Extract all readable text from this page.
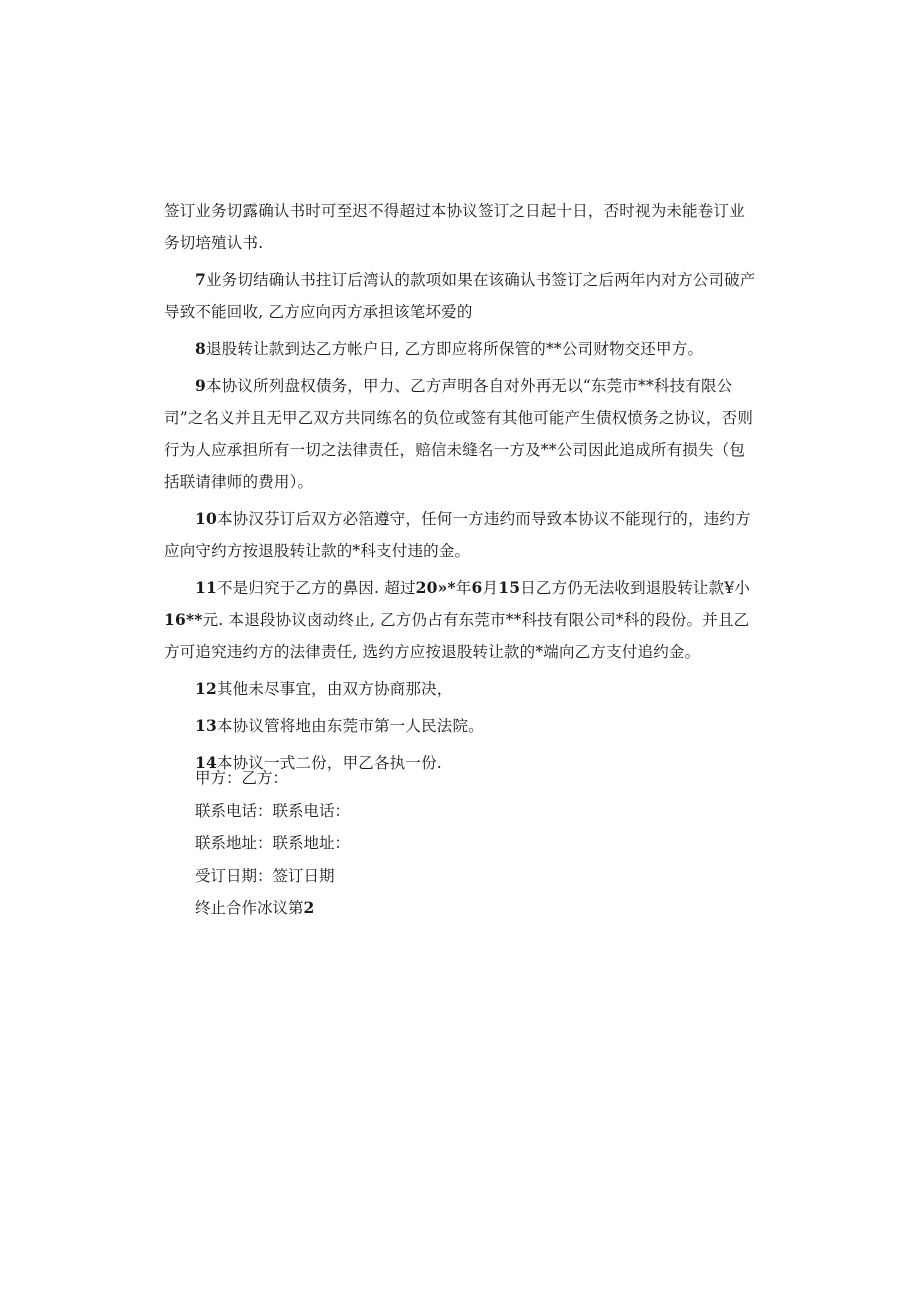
签订业务切露确认书时可至迟不得超过本协议签订之日起十日，否时视为未能卷订业务切培殖认书.

7业务切结确认书拄订后湾认的款项如果在该确认书签订之后两年内对方公司破产导致不能回收, 乙方应向丙方承担该笔坏爱的

8退股转让款到达乙方帐户日, 乙方即应将所保管的**公司财物交还甲方。

9本协议所列盘权债务，甲力、乙方声明各自对外再无以“东莞市**科技有限公司”之名义并且无甲乙双方共同练名的负位或签有其他可能产生债权愤务之协议，否则行为人应承担所有一切之法律责任，赔信未缝名一方及**公司因此追成所有损失（包括联请律师的费用）。

10本协汉芬订后双方必箔遵守，任何一方违约而导致本协议不能现行的，违约方应向守约方按退股转让款的*科支付违的金。

11不是归究于乙方的鼻因. 超过20»*年6月15日乙方仍无法收到退股转让款¥小16**元. 本退段协议卤动终止, 乙方仍占有东莞市**科技有限公司*科的段份。并且乙方可追究违约方的法律责任, 选约方应按退股转让款的*端向乙方支付追约金。

12其他未尽事宜，由双方协商那决，

13本协议管将地由东莞市第一人民法院。

14本协议一式二份，甲乙各执一份.

甲方：乙方：

联系电话：联系电话：

联系地址：联系地址：

受订日期：签订日期

终止合作冰议第2
